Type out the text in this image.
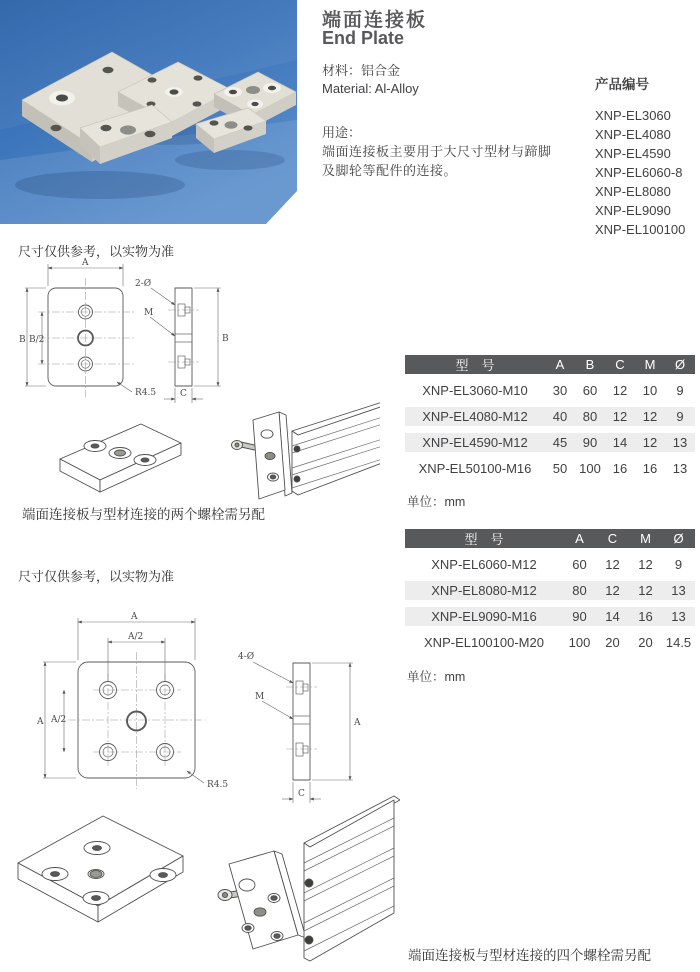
端面连接板
End Plate
材料：铝合金
Material: Al-Alloy	产品编号
XNP-EL3060
XNP-EL4080
XNP-EL4590
XNP-EL6060-8
XNP-EL8080
XNP-EL9090
XNP-EL100100
用途：
端面连接板主要用于大尺寸型材与蹄脚
及脚轮等配件的连接。
尺寸仅供参考，以实物为准
A
B B/2
R4.5
2-Ø
M
B
C
端面连接板与型材连接的两个螺栓需另配
型　号	A	B	C	M	Ø
XNP-EL3060-M10	30	60	12	10	9
XNP-EL4080-M12	40	80	12	12	9
XNP-EL4590-M12	45	90	14	12	13
XNP-EL50100-M16	50	100	16	16	13
单位：mm
尺寸仅供参考，以实物为准
A
A/2
A A/2
R4.5
4-Ø
M
A
C
型　号	A	C	M	Ø
XNP-EL6060-M12	60	12	12	9
XNP-EL8080-M12	80	12	12	13
XNP-EL9090-M16	90	14	16	13
XNP-EL100100-M20	100	20	20	14.5
单位：mm
端面连接板与型材连接的四个螺栓需另配
